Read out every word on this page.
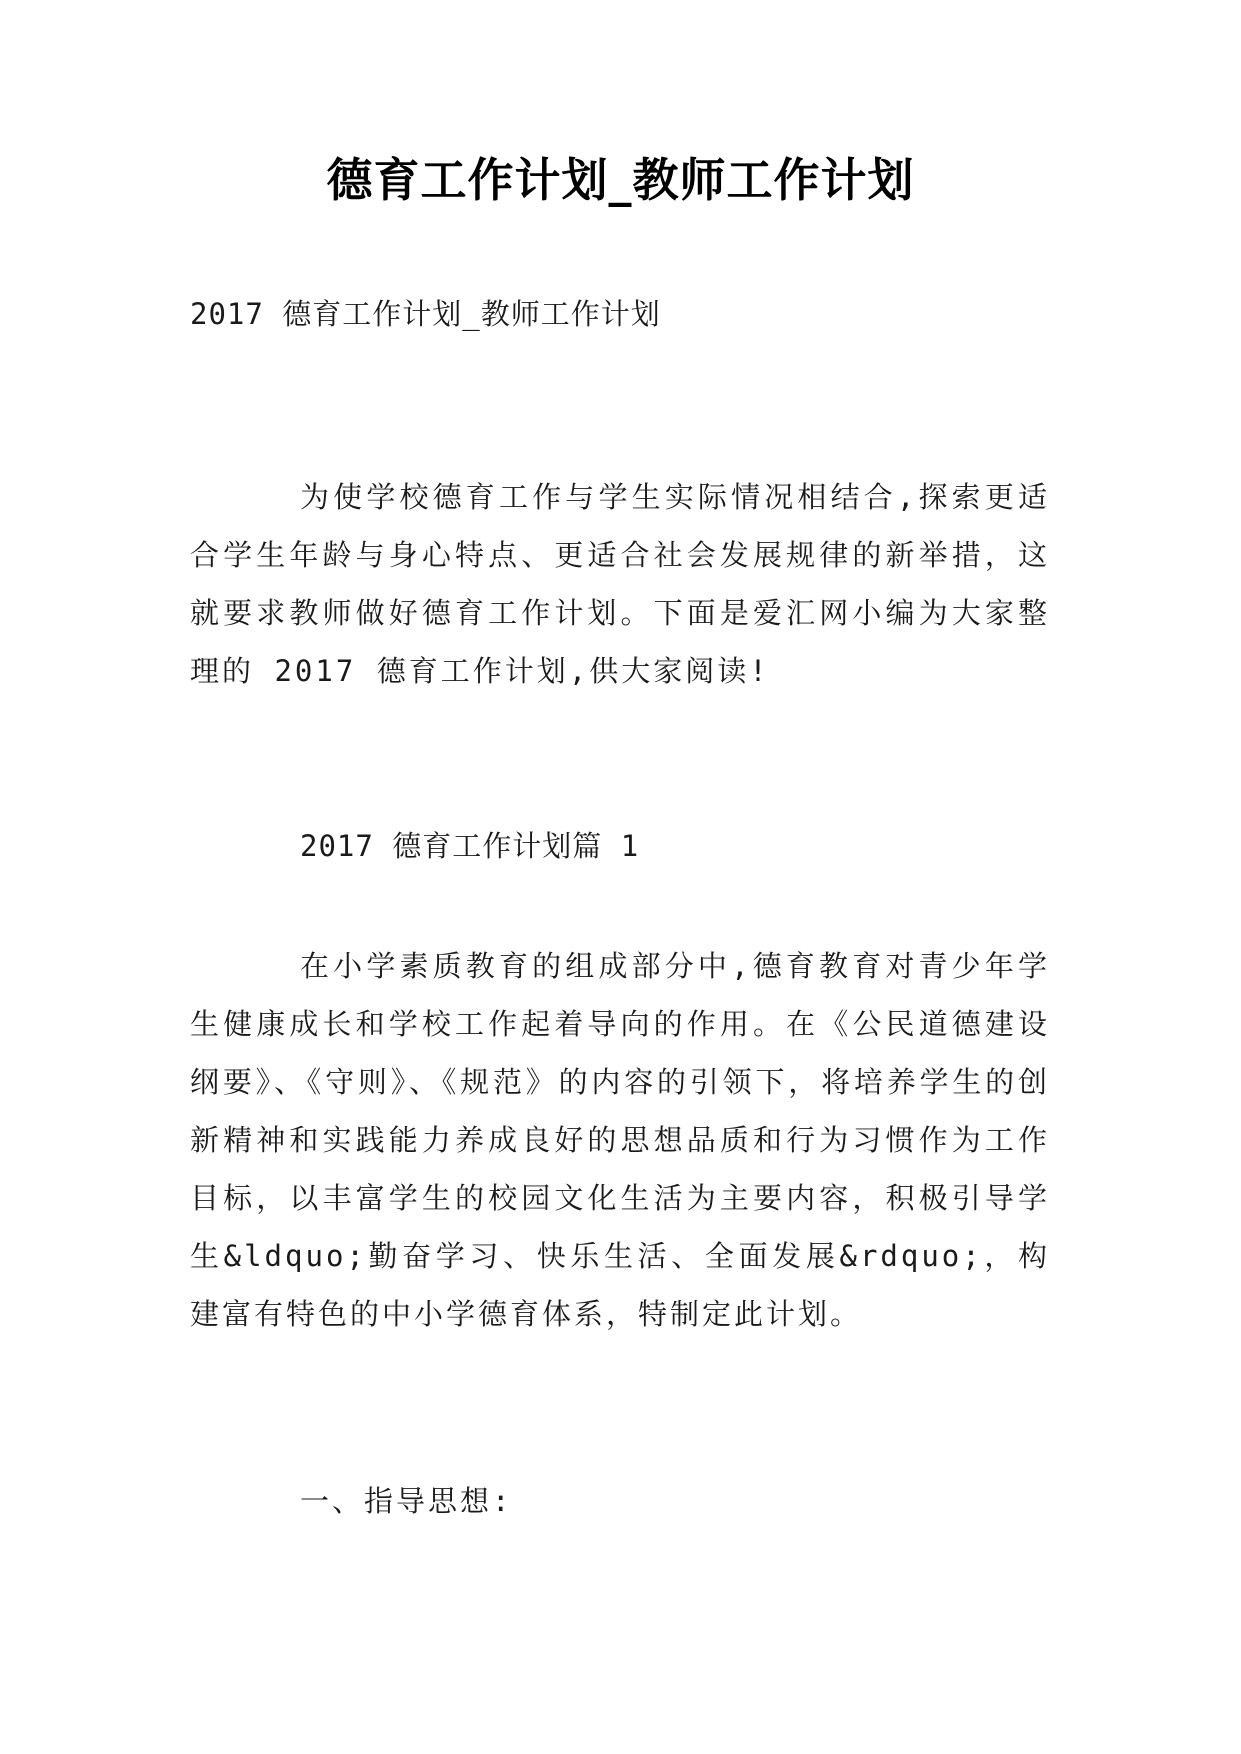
德育工作计划_教师工作计划
2017 德育工作计划_教师工作计划

为使学校德育工作与学生实际情况相结合,探索更适合学生年龄与身心特点、更适合社会发展规律的新举措，这就要求教师做好德育工作计划。下面是爱汇网小编为大家整理的 2017 德育工作计划,供大家阅读!

2017 德育工作计划篇 1

在小学素质教育的组成部分中,德育教育对青少年学生健康成长和学校工作起着导向的作用。在《公民道德建设纲要》、《守则》、《规范》的内容的引领下，将培养学生的创新精神和实践能力养成良好的思想品质和行为习惯作为工作目标，以丰富学生的校园文化生活为主要内容，积极引导学生&ldquo;勤奋学习、快乐生活、全面发展&rdquo;，构建富有特色的中小学德育体系，特制定此计划。

一、指导思想:
